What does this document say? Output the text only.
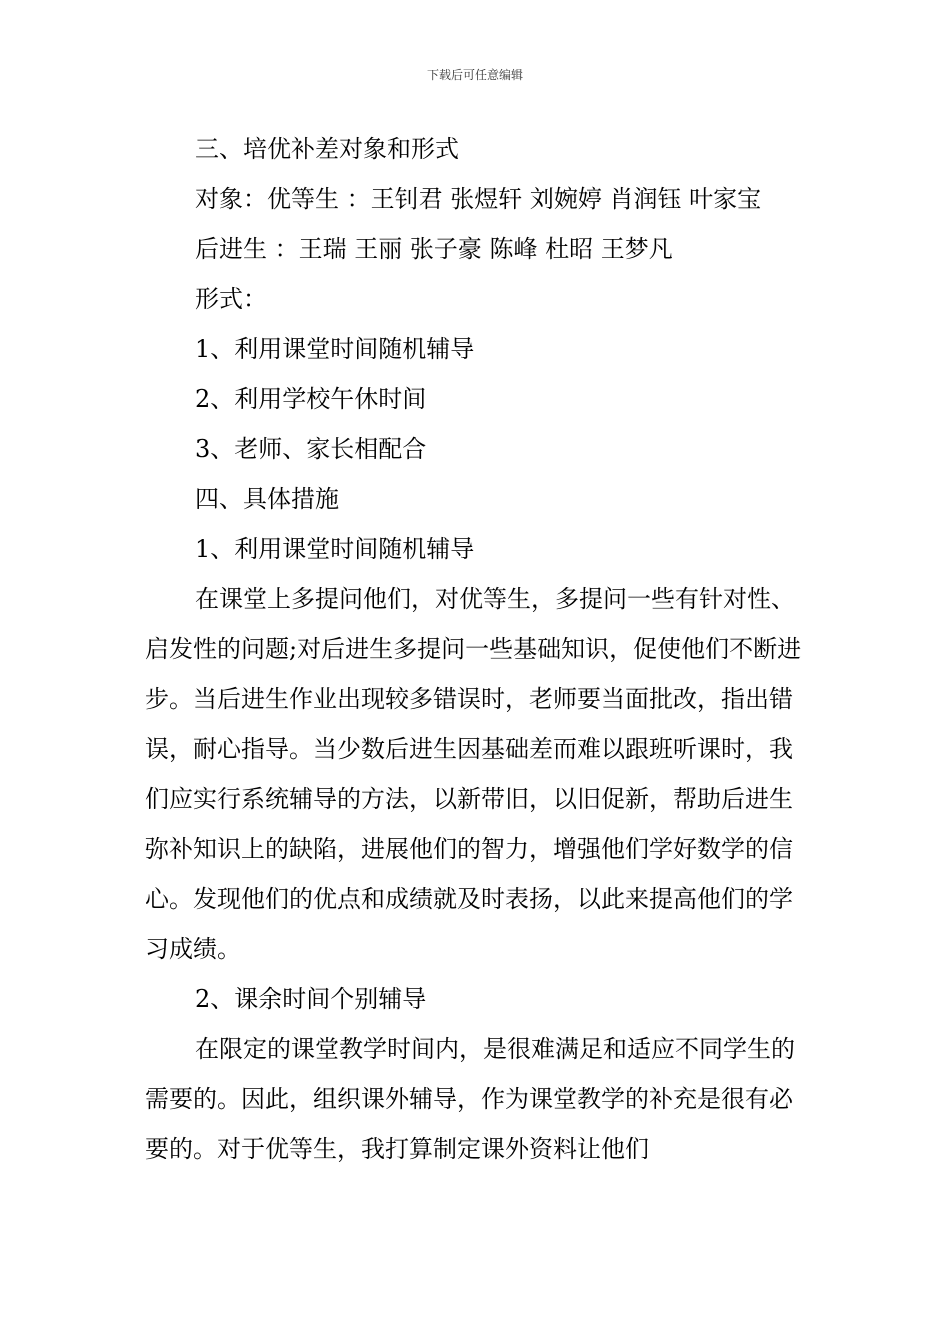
下载后可任意编辑

三、培优补差对象和形式

对象：优等生 ：王钊君 张煜轩 刘婉婷 肖润钰 叶家宝

后进生 ：王瑞 王丽 张子豪 陈峰 杜昭 王梦凡

形式：

1、利用课堂时间随机辅导

2、利用学校午休时间

3、老师、家长相配合

四、具体措施

1、利用课堂时间随机辅导

在课堂上多提问他们，对优等生，多提问一些有针对性、启发性的问题;对后进生多提问一些基础知识，促使他们不断进步。当后进生作业出现较多错误时，老师要当面批改，指出错误，耐心指导。当少数后进生因基础差而难以跟班听课时，我们应实行系统辅导的方法，以新带旧，以旧促新，帮助后进生弥补知识上的缺陷，进展他们的智力，增强他们学好数学的信心。发现他们的优点和成绩就及时表扬，以此来提高他们的学习成绩。

2、课余时间个别辅导

在限定的课堂教学时间内，是很难满足和适应不同学生的需要的。因此，组织课外辅导，作为课堂教学的补充是很有必要的。对于优等生，我打算制定课外资料让他们
